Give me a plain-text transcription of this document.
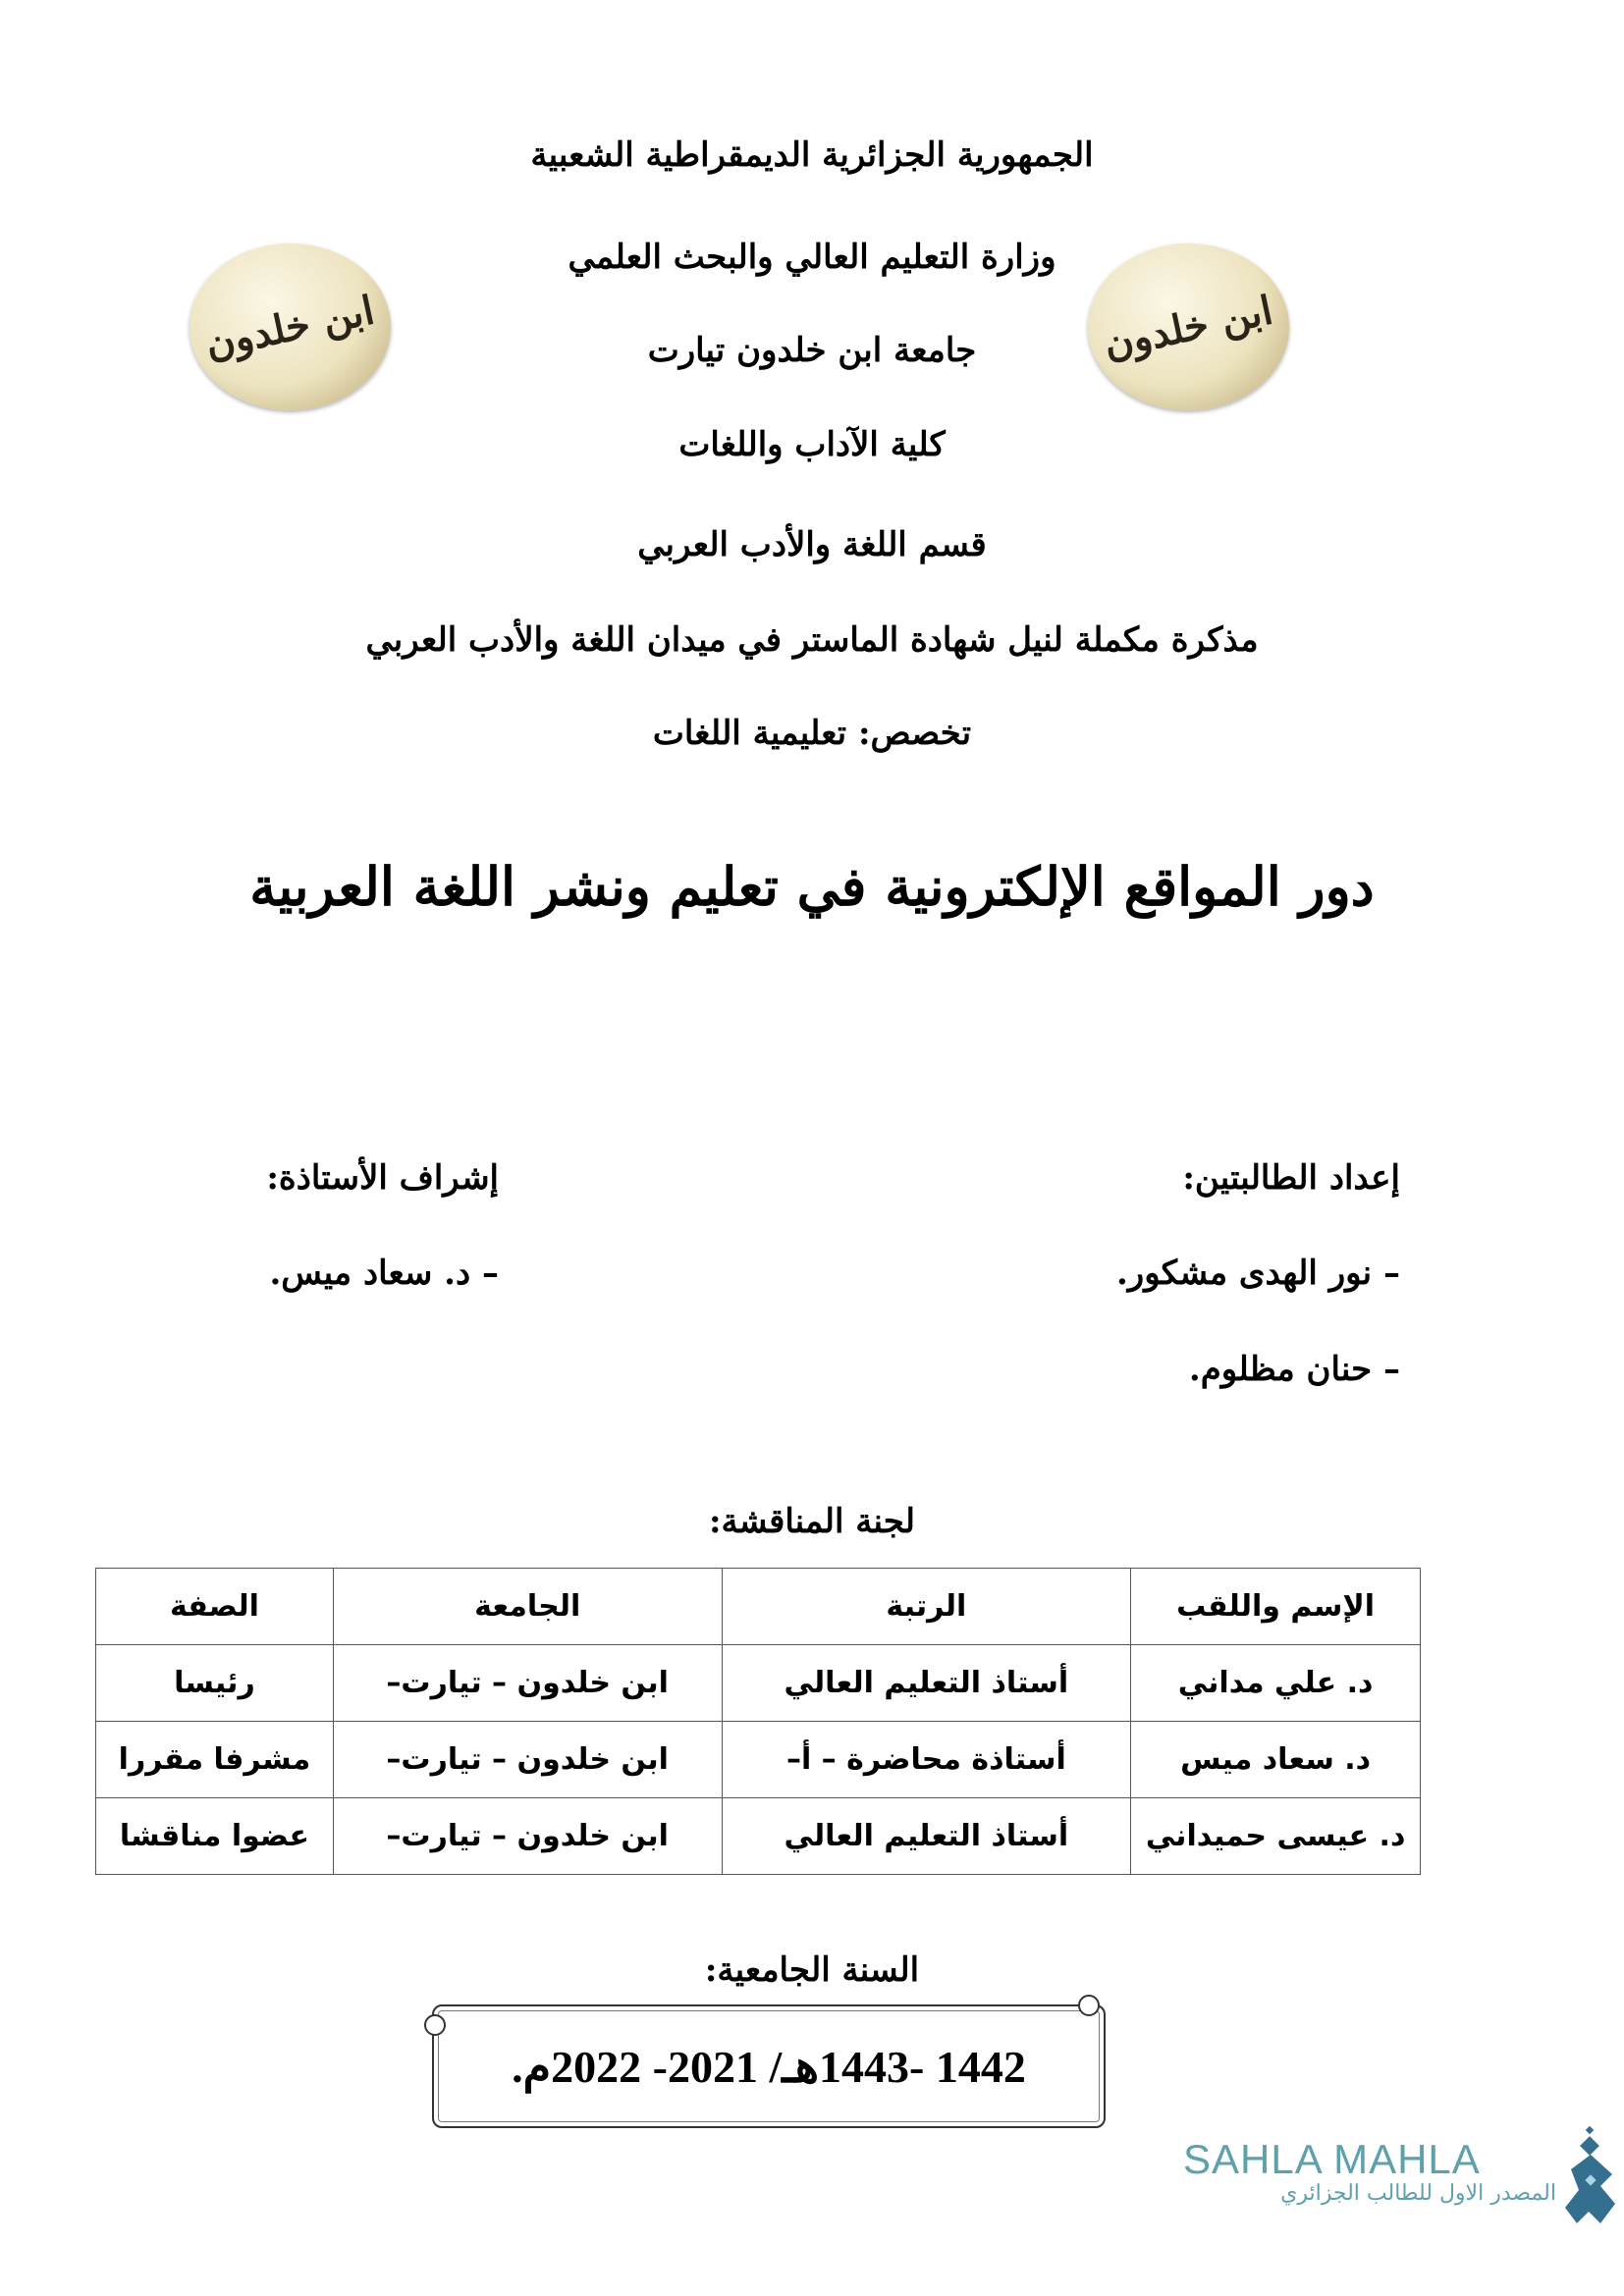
الجمهورية الجزائرية الديمقراطية الشعبية
وزارة التعليم العالي والبحث العلمي
جامعة ابن خلدون تيارت
كلية الآداب واللغات
قسم اللغة والأدب العربي
مذكرة مكملة لنيل شهادة الماستر في ميدان اللغة والأدب العربي
تخصص: تعليمية اللغات
ابن خلدون	ابن خلدون
دور المواقع الإلكترونية في تعليم ونشر اللغة العربية
إعداد الطالبتين:
– نور الهدى مشكور.
– حنان مظلوم.
إشراف الأستاذة:
– د. سعاد ميس.
لجنة المناقشة:
الإسم واللقب	الرتبة	الجامعة	الصفة
د. علي مداني	أستاذ التعليم العالي	ابن خلدون – تيارت–	رئيسا
د. سعاد ميس	أستاذة محاضرة – أ–	ابن خلدون – تيارت–	مشرفا مقررا
د. عيسى حميداني	أستاذ التعليم العالي	ابن خلدون – تيارت–	عضوا مناقشا
السنة الجامعية:
1442 -1443هـ/ 2021- 2022م.
SAHLA MAHLA
المصدر الاول للطالب الجزائري
